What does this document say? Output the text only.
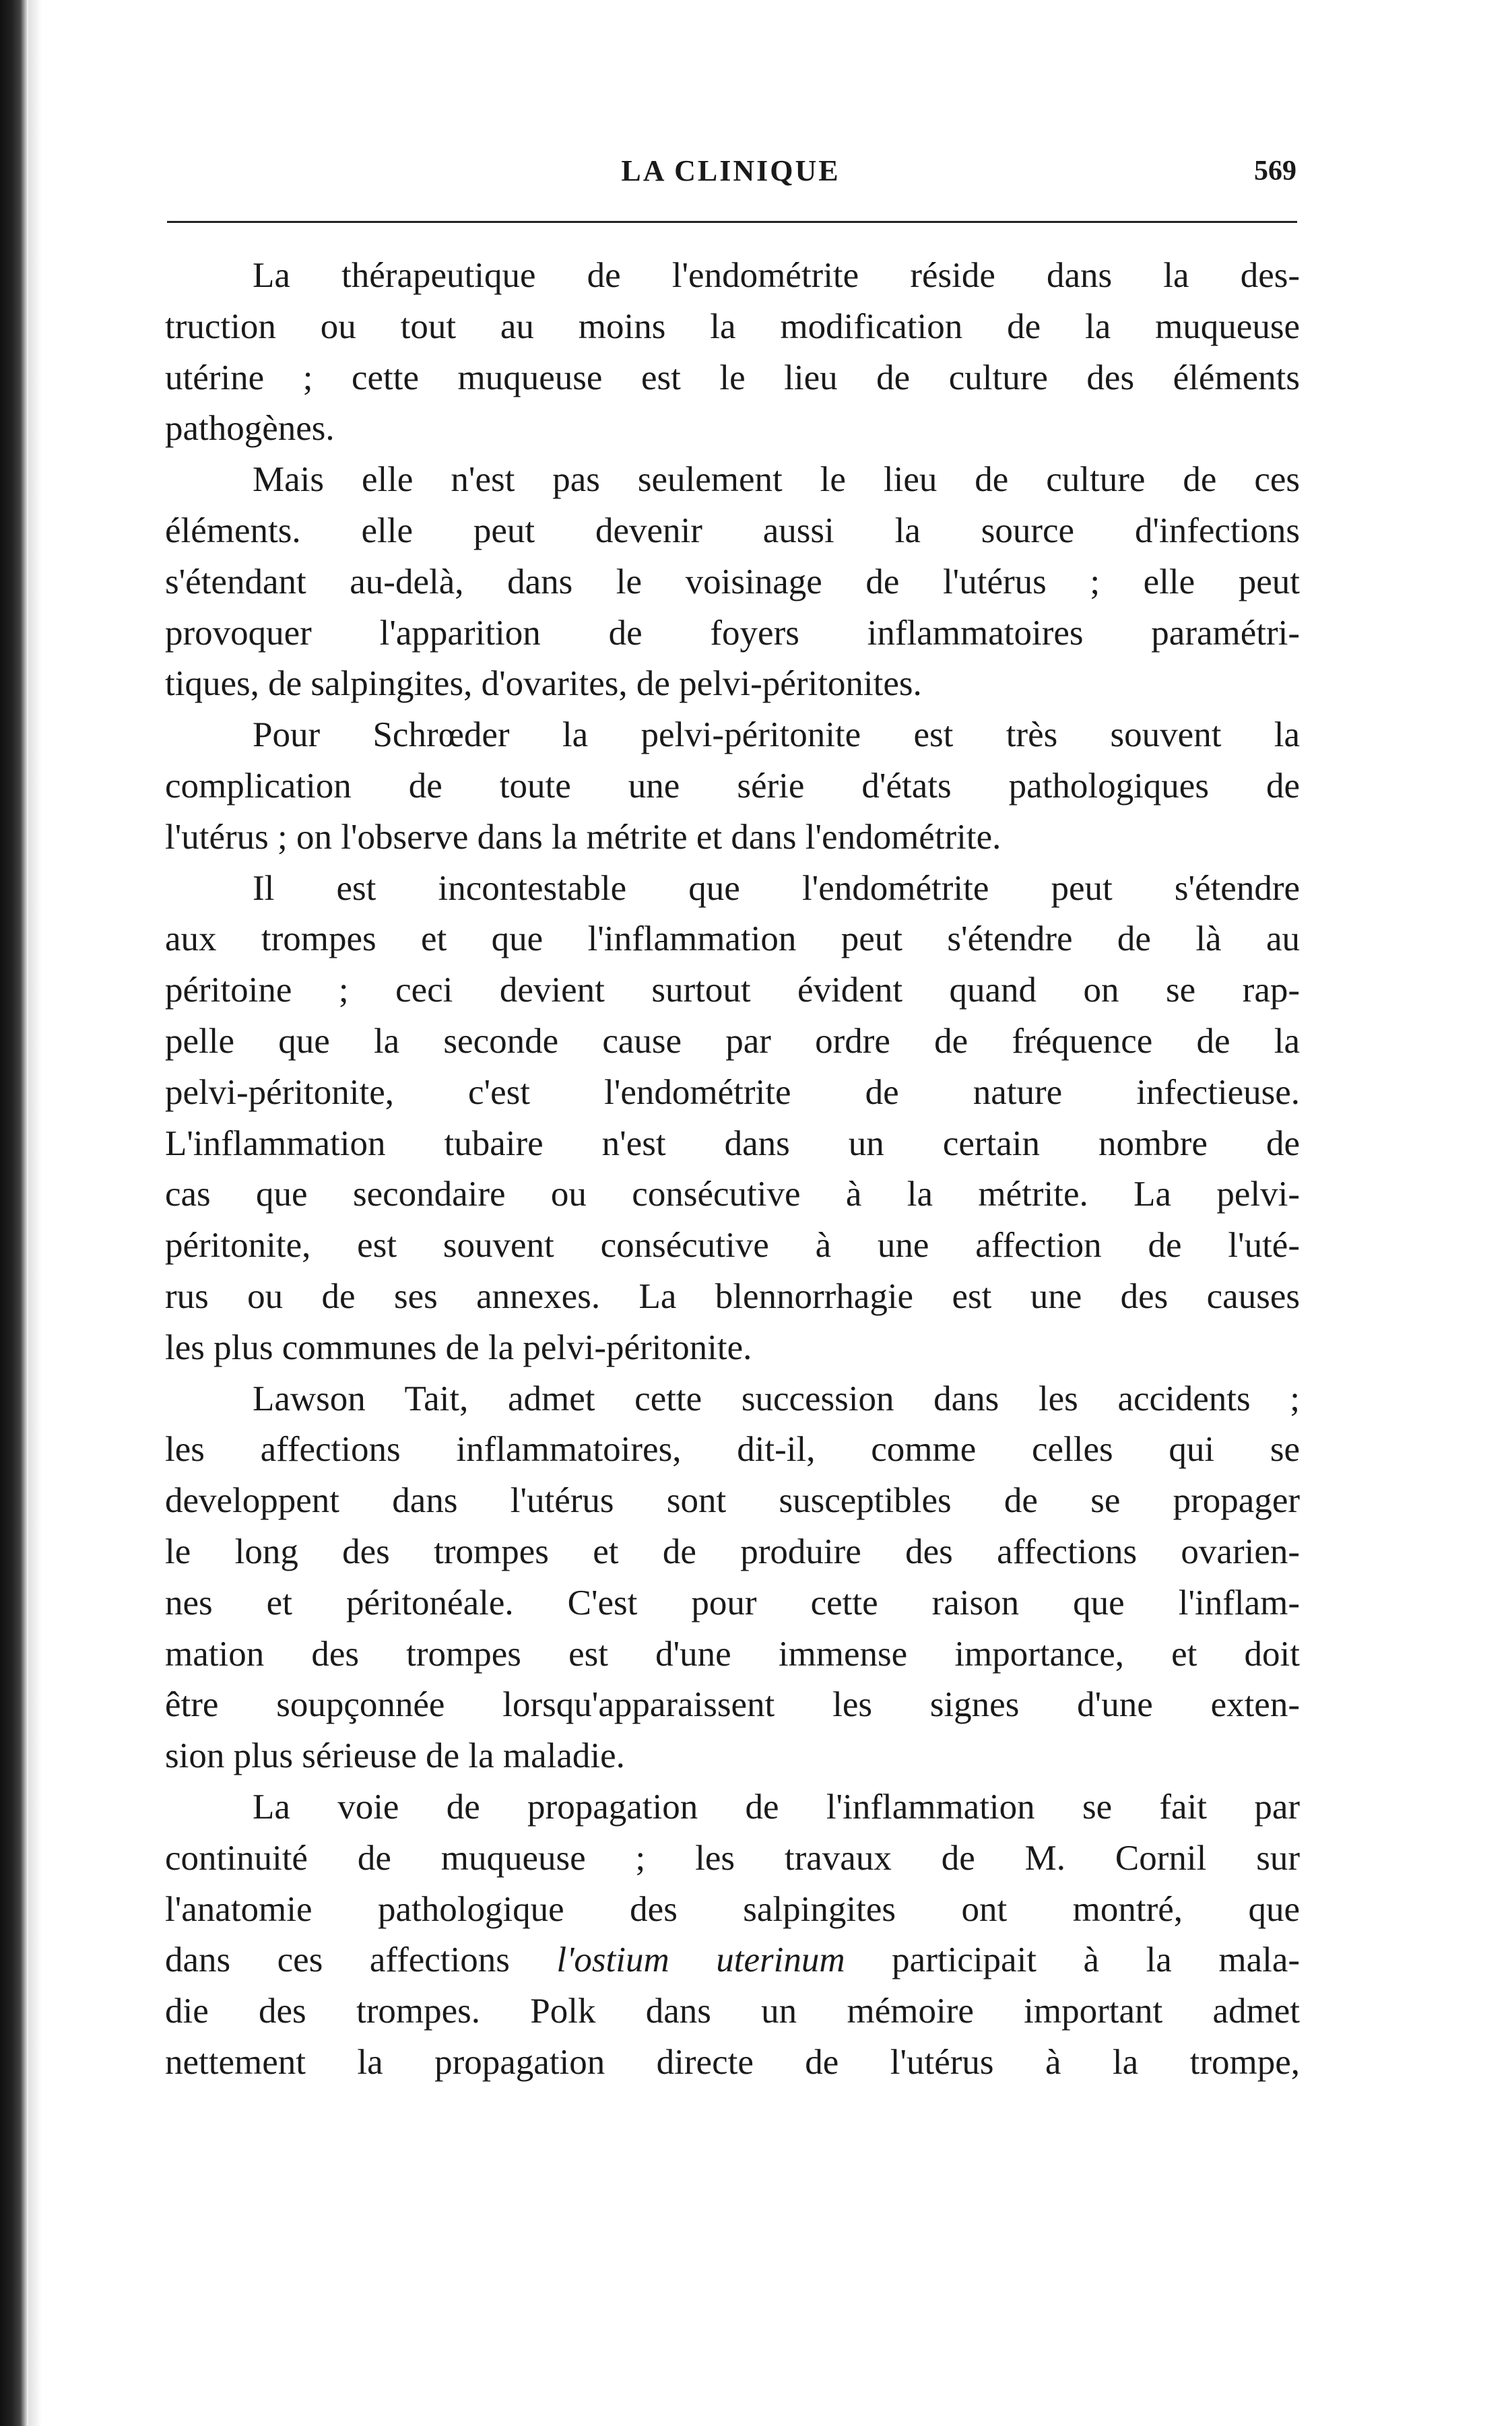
LA CLINIQUE	569

La thérapeutique de l'endométrite réside dans la des-
truction ou tout au moins la modification de la muqueuse
utérine ; cette muqueuse est le lieu de culture des éléments
pathogènes.

Mais elle n'est pas seulement le lieu de culture de ces
éléments. elle peut devenir aussi la source d'infections
s'étendant au-delà, dans le voisinage de l'utérus ; elle peut
provoquer l'apparition de foyers inflammatoires paramétri-
tiques, de salpingites, d'ovarites, de pelvi-péritonites.

Pour Schrœder la pelvi-péritonite est très souvent la
complication de toute une série d'états pathologiques de
l'utérus ; on l'observe dans la métrite et dans l'endométrite.

Il est incontestable que l'endométrite peut s'étendre
aux trompes et que l'inflammation peut s'étendre de là au
péritoine ; ceci devient surtout évident quand on se rap-
pelle que la seconde cause par ordre de fréquence de la
pelvi-péritonite, c'est l'endométrite de nature infectieuse.
L'inflammation tubaire n'est dans un certain nombre de
cas que secondaire ou consécutive à la métrite. La pelvi-
péritonite, est souvent consécutive à une affection de l'uté-
rus ou de ses annexes. La blennorrhagie est une des causes
les plus communes de la pelvi-péritonite.

Lawson Tait, admet cette succession dans les accidents ;
les affections inflammatoires, dit-il, comme celles qui se
developpent dans l'utérus sont susceptibles de se propager
le long des trompes et de produire des affections ovarien-
nes et péritonéale. C'est pour cette raison que l'inflam-
mation des trompes est d'une immense importance, et doit
être soupçonnée lorsqu'apparaissent les signes d'une exten-
sion plus sérieuse de la maladie.

La voie de propagation de l'inflammation se fait par
continuité de muqueuse ; les travaux de M. Cornil sur
l'anatomie pathologique des salpingites ont montré, que
dans ces affections l'ostium uterinum participait à la mala-
die des trompes. Polk dans un mémoire important admet
nettement la propagation directe de l'utérus à la trompe,
